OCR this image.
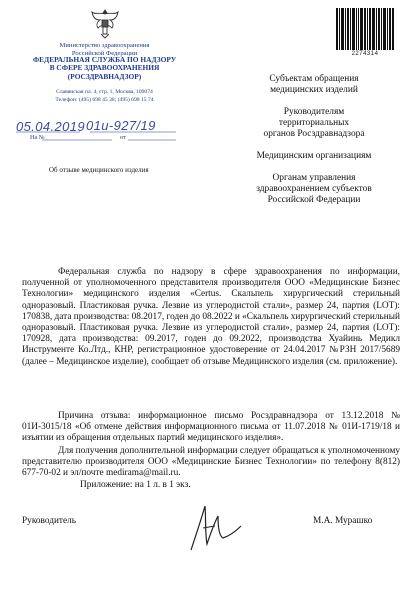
Министерство здравоохранения
Российской Федерации
ФЕДЕРАЛЬНАЯ СЛУЖБА ПО НАДЗОРУ
В СФЕРЕ ЗДРАВООХРАНЕНИЯ
(РОСЗДРАВНАДЗОР)
Славянская пл. 4, стр. 1, Москва, 109074
Телефон: (495) 698 45 38; (495) 698 15 74
2274314
Субъектам обращения
медицинских изделий
Руководителям
территориальных
органов Росздравнадзора
Медицинским организациям
Органам управления
здравоохранением субъектов
Российской Федерации
05.04.2019 01и-927/19
На №	от
Об отзыве медицинского изделия
Федеральная служба по надзору в сфере здравоохранения по информации, полученной от уполномоченного представителя производителя ООО «Медицинские Бизнес Технологии» медицинского изделия «Certus. Скальпель хирургический стерильный одноразовый. Пластиковая ручка. Лезвие из углеродистой стали», размер 24, партия (LOT): 170838, дата производства: 08.2017, годен до 08.2022 и «Скальпель хирургический стерильный одноразовый. Пластиковая ручка. Лезвие из углеродистой стали», размер 24, партия (LOT): 170928, дата производства: 09.2017, годен до 09.2022, производства Хуайинь Медикл Инструменте Ко.Лтд., КНР, регистрационное удостоверение от 24.04.2017 №РЗН 2017/5689 (далее – Медицинское изделие), сообщает об отзыве Медицинского изделия (см. приложение).
Причина отзыва: информационное письмо Росздравнадзора от 13.12.2018 № 01И-3015/18 «Об отмене действия информационного письма от 11.07.2018 № 01И-1719/18 и изъятии из обращения отдельных партий медицинского изделия».
Для получения дополнительной информации следует обращаться к уполномоченному представителю производителя ООО «Медицинские Бизнес Технологии» по телефону 8(812) 677-70-02 и эл/почте medirama@mail.ru.
Приложение: на 1 л. в 1 экз.
Руководитель	М.А. Мурашко
